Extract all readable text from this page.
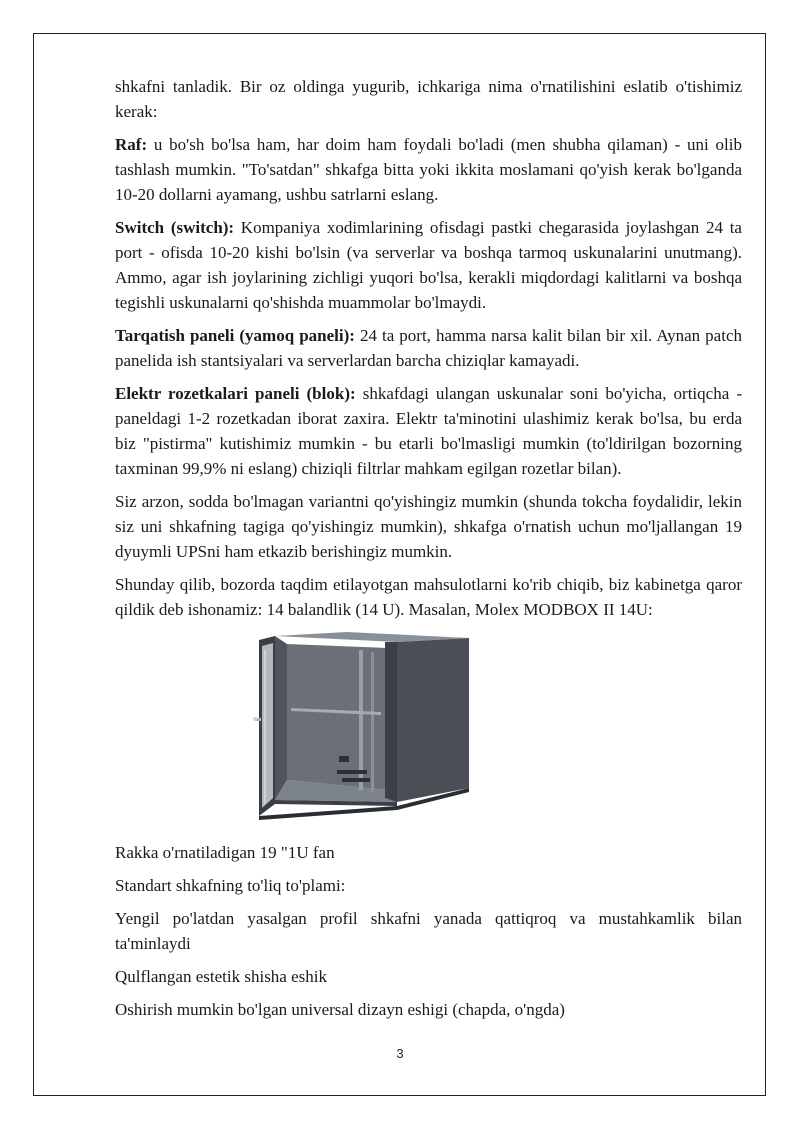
shkafni tanladik. Bir oz oldinga yugurib, ichkariga nima o'rnatilishini eslatib o'tishimiz kerak:

Raf: u bo'sh bo'lsa ham, har doim ham foydali bo'ladi (men shubha qilaman) - uni olib tashlash mumkin. "To'satdan" shkafga bitta yoki ikkita moslamani qo'yish kerak bo'lganda 10-20 dollarni ayamang, ushbu satrlarni eslang.

Switch (switch): Kompaniya xodimlarining ofisdagi pastki chegarasida joylashgan 24 ta port - ofisda 10-20 kishi bo'lsin (va serverlar va boshqa tarmoq uskunalarini unutmang). Ammo, agar ish joylarining zichligi yuqori bo'lsa, kerakli miqdordagi kalitlarni va boshqa tegishli uskunalarni qo'shishda muammolar bo'lmaydi.

Tarqatish paneli (yamoq paneli): 24 ta port, hamma narsa kalit bilan bir xil. Aynan patch panelida ish stantsiyalari va serverlardan barcha chiziqlar kamayadi.

Elektr rozetkalari paneli (blok): shkafdagi ulangan uskunalar soni bo'yicha, ortiqcha - paneldagi 1-2 rozetkadan iborat zaxira. Elektr ta'minotini ulashimiz kerak bo'lsa, bu erda biz "pistirma" kutishimiz mumkin - bu etarli bo'lmasligi mumkin (to'ldirilgan bozorning taxminan 99,9% ni eslang) chiziqli filtrlar mahkam egilgan rozetlar bilan).

Siz arzon, sodda bo'lmagan variantni qo'yishingiz mumkin (shunda tokcha foydalidir, lekin siz uni shkafning tagiga qo'yishingiz mumkin), shkafga o'rnatish uchun mo'ljallangan 19 dyuymli UPSni ham etkazib berishingiz mumkin.

Shunday qilib, bozorda taqdim etilayotgan mahsulotlarni ko'rib chiqib, biz kabinetga qaror qildik deb ishonamiz: 14 balandlik (14 U). Masalan, Molex MODBOX II 14U:

Rakka o'rnatiladigan 19 "1U fan

Standart shkafning to'liq to'plami:

Yengil po'latdan yasalgan profil shkafni yanada qattiqroq va mustahkamlik bilan ta'minlaydi

Qulflangan estetik shisha eshik

Oshirish mumkin bo'lgan universal dizayn eshigi (chapda, o'ngda)

3
